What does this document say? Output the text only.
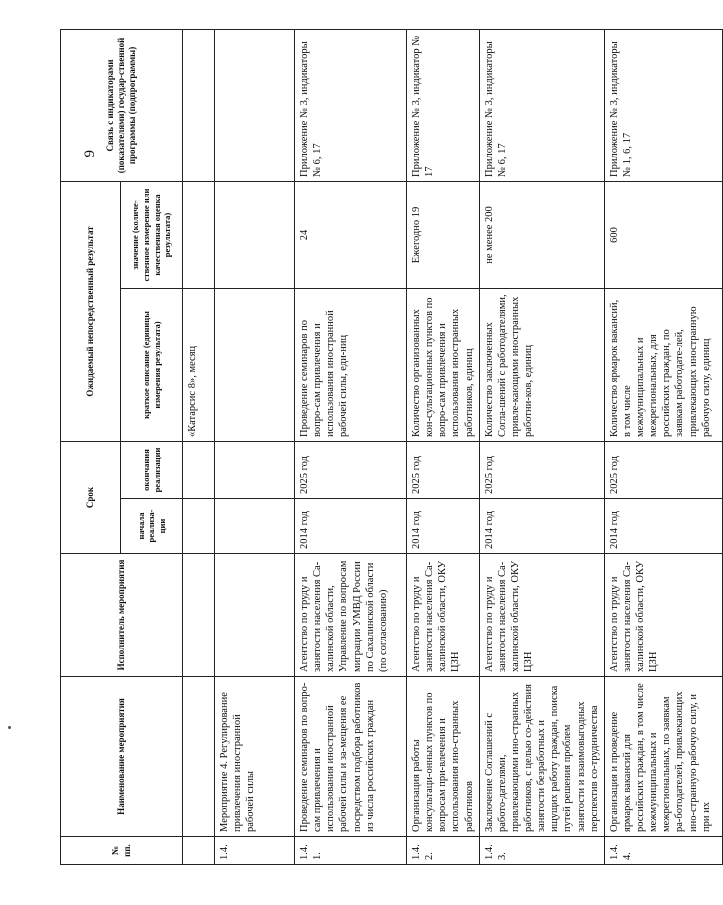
9
№ пп.	Наименование мероприятия	Исполнитель мероприятия	Срок		Ожидаемый непосредственный результат		Связь с индикаторами (показателями) государ-ственной программы (подпрограммы)
			начала реализа-ции	окончания реализации	краткое описание (единицы измерения результата)	значение (количе-ственное измерение или качественная оценка результата)	
					«Катарсис 8», месяц		
1.4.	Мероприятие 4. Регулирование привлечения иностранной рабочей силы						
1.4.1.	Проведение семинаров по вопро-сам привлечения и использования иностранной рабочей силы и за-мещения ее посредством подбора работников из числа российских граждан	Агентство по труду и занятости населения Са-халинской области, Управление по вопросам миграции УМВД России по Сахалинской области (по согласованию)	2014 год	2025 год	Проведение семинаров по вопро-сам привлечения и использования иностранной рабочей силы, еди-ниц	24	Приложение № 3, индикаторы № 6, 17
1.4.2.	Организация работы консультаци-онных пунктов по вопросам при-влечения и использования ино-странных работников	Агентство по труду и занятости населения Са-халинской области, ОКУ ЦЗН	2014 год	2025 год	Количество организованных кон-сультационных пунктов по вопро-сам привлечения и использования иностранных работников, единиц	Ежегодно 19	Приложение № 3, индикатор № 17
1.4.3.	Заключение Соглашений с работо-дателями, привлекающими ино-странных работников, с целью со-действия занятости безработных и ищущих работу граждан, поиска путей решения проблем занятости и взаимовыгодных перспектив со-трудничества	Агентство по труду и занятости населения Са-халинской области, ОКУ ЦЗН	2014 год	2025 год	Количество заключенных Согла-шений с работодателями, привле-кающими иностранных работни-ков, единиц	не менее 200	Приложение № 3, индикаторы № 6, 17
1.4.4.	Организация и проведение ярмарок вакансий для российских граждан, в том числе межмуниципальных и межрегиональных, по заявкам ра-ботодателей, привлекающих ино-странную рабочую силу, и при их	Агентство по труду и занятости населения Са-халинской области, ОКУ ЦЗН	2014 год	2025 год	Количество ярмарок вакансий, в том числе межмуниципальных и межрегиональных, для российских граждан, по заявкам работодате-лей, привлекающих иностранную рабочую силу, единиц	600	Приложение № 3, индикаторы № 1, 6, 17
